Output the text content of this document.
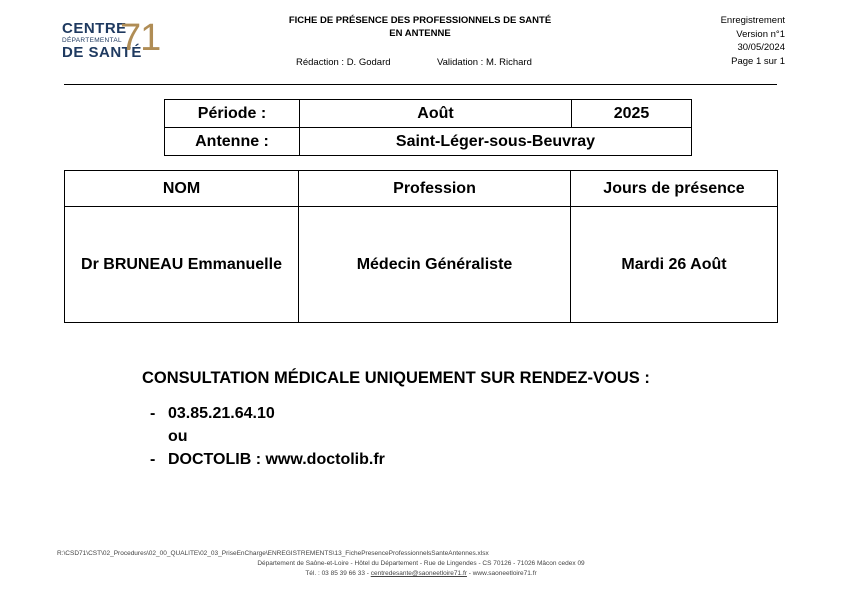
CENTRE
DÉPARTEMENTAL
DE SANTÉ
71	FICHE DE PRÉSENCE DES PROFESSIONNELS DE SANTÉ
EN ANTENNE
Rédaction : D. Godard	Validation : M. Richard
Enregistrement
Version n°1
30/05/2024
Page 1 sur 1
Période :	Août	2025
Antenne :	Saint-Léger-sous-Beuvray	
NOM	Profession	Jours de présence
Dr BRUNEAU Emmanuelle	Médecin Généraliste	Mardi 26 Août
CONSULTATION MÉDICALE UNIQUEMENT SUR RENDEZ-VOUS :
- 03.85.21.64.10
ou
- DOCTOLIB : www.doctolib.fr
R:\CSD71\CST\02_Procedures\02_00_QUALITE\02_03_PriseEnCharge\ENREGISTREMENTS\13_FichePresenceProfessionnelsSanteAntennes.xlsx
Département de Saône-et-Loire - Hôtel du Département - Rue de Lingendes - CS 70126 - 71026 Mâcon cedex 09
Tél. : 03 85 39 66 33 - centredesante@saoneetloire71.fr - www.saoneetloire71.fr
